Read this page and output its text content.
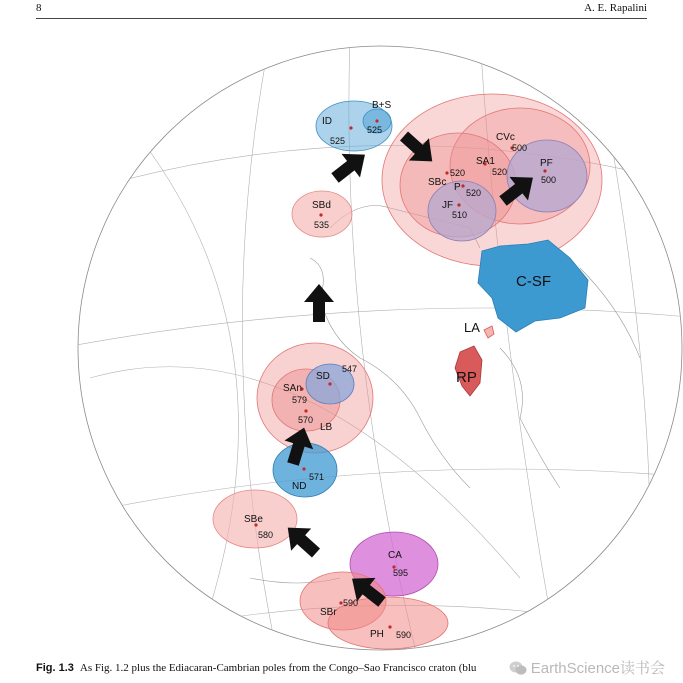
8	A. E. Rapalini
ID
B+S
525
525
SBd
535
CVc
500
SA1
520
SBc
520
P 520
JF
510
PF
500
C-SF
LA
RP
SAn
579
SD
547
570
LB
ND
571
SBe
580
CA
595
SBr
590
PH 590
Fig. 1.3 As Fig. 1.2 plus the Ediacaran-Cambrian poles from the Congo–Sao Francisco craton (blu	EarthScience读书会
